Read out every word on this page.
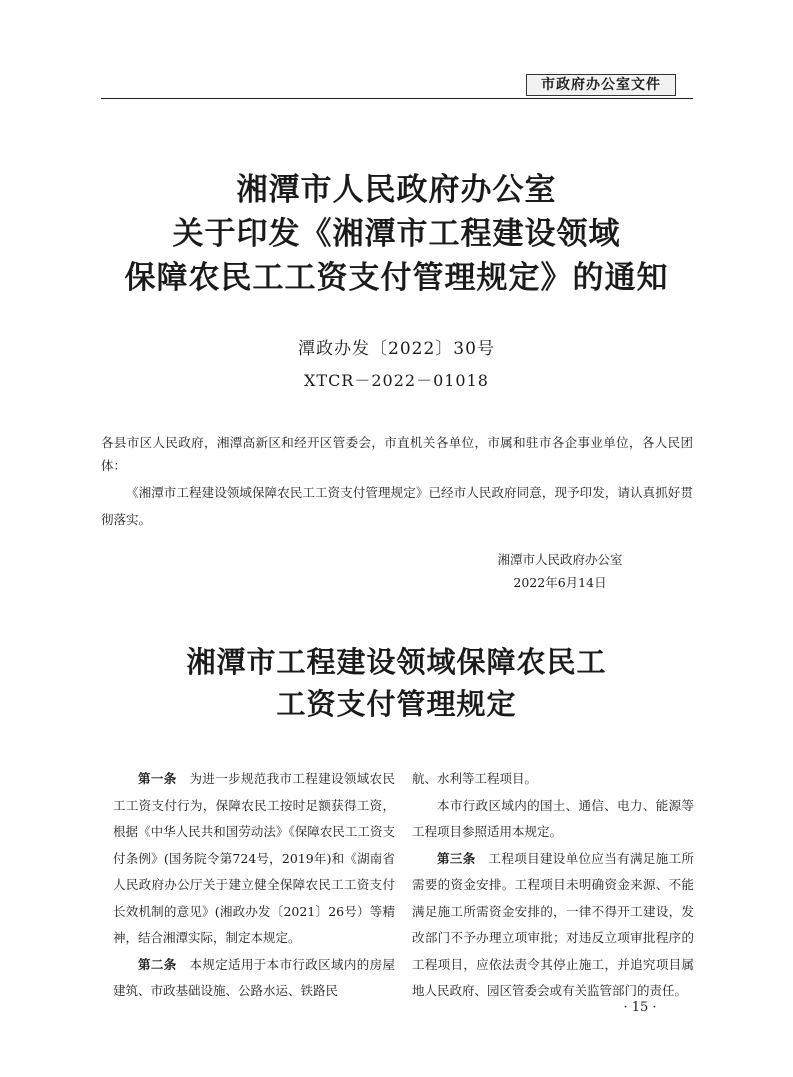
市政府办公室文件
湘潭市人民政府办公室
关于印发《湘潭市工程建设领域
保障农民工工资支付管理规定》的通知
潭政办发〔2022〕30号
XTCR－2022－01018
各县市区人民政府，湘潭高新区和经开区管委会，市直机关各单位，市属和驻市各企事业单位，各人民团体：
《湘潭市工程建设领域保障农民工工资支付管理规定》已经市人民政府同意，现予印发，请认真抓好贯彻落实。
湘潭市人民政府办公室
2022年6月14日
湘潭市工程建设领域保障农民工
工资支付管理规定

第一条　为进一步规范我市工程建设领域农民工工资支付行为，保障农民工按时足额获得工资，根据《中华人民共和国劳动法》《保障农民工工资支付条例》(国务院令第724号，2019年)和《湖南省人民政府办公厅关于建立健全保障农民工工资支付长效机制的意见》(湘政办发〔2021〕26号）等精神，结合湘潭实际，制定本规定。

第二条　本规定适用于本市行政区域内的房屋建筑、市政基础设施、公路水运、铁路民

航、水利等工程项目。

本市行政区域内的国土、通信、电力、能源等工程项目参照适用本规定。

第三条　工程项目建设单位应当有满足施工所需要的资金安排。工程项目未明确资金来源、不能满足施工所需资金安排的，一律不得开工建设，发改部门不予办理立项审批；对违反立项审批程序的工程项目，应依法责令其停止施工，并追究项目属地人民政府、园区管委会或有关监管部门的责任。

· 15 ·
